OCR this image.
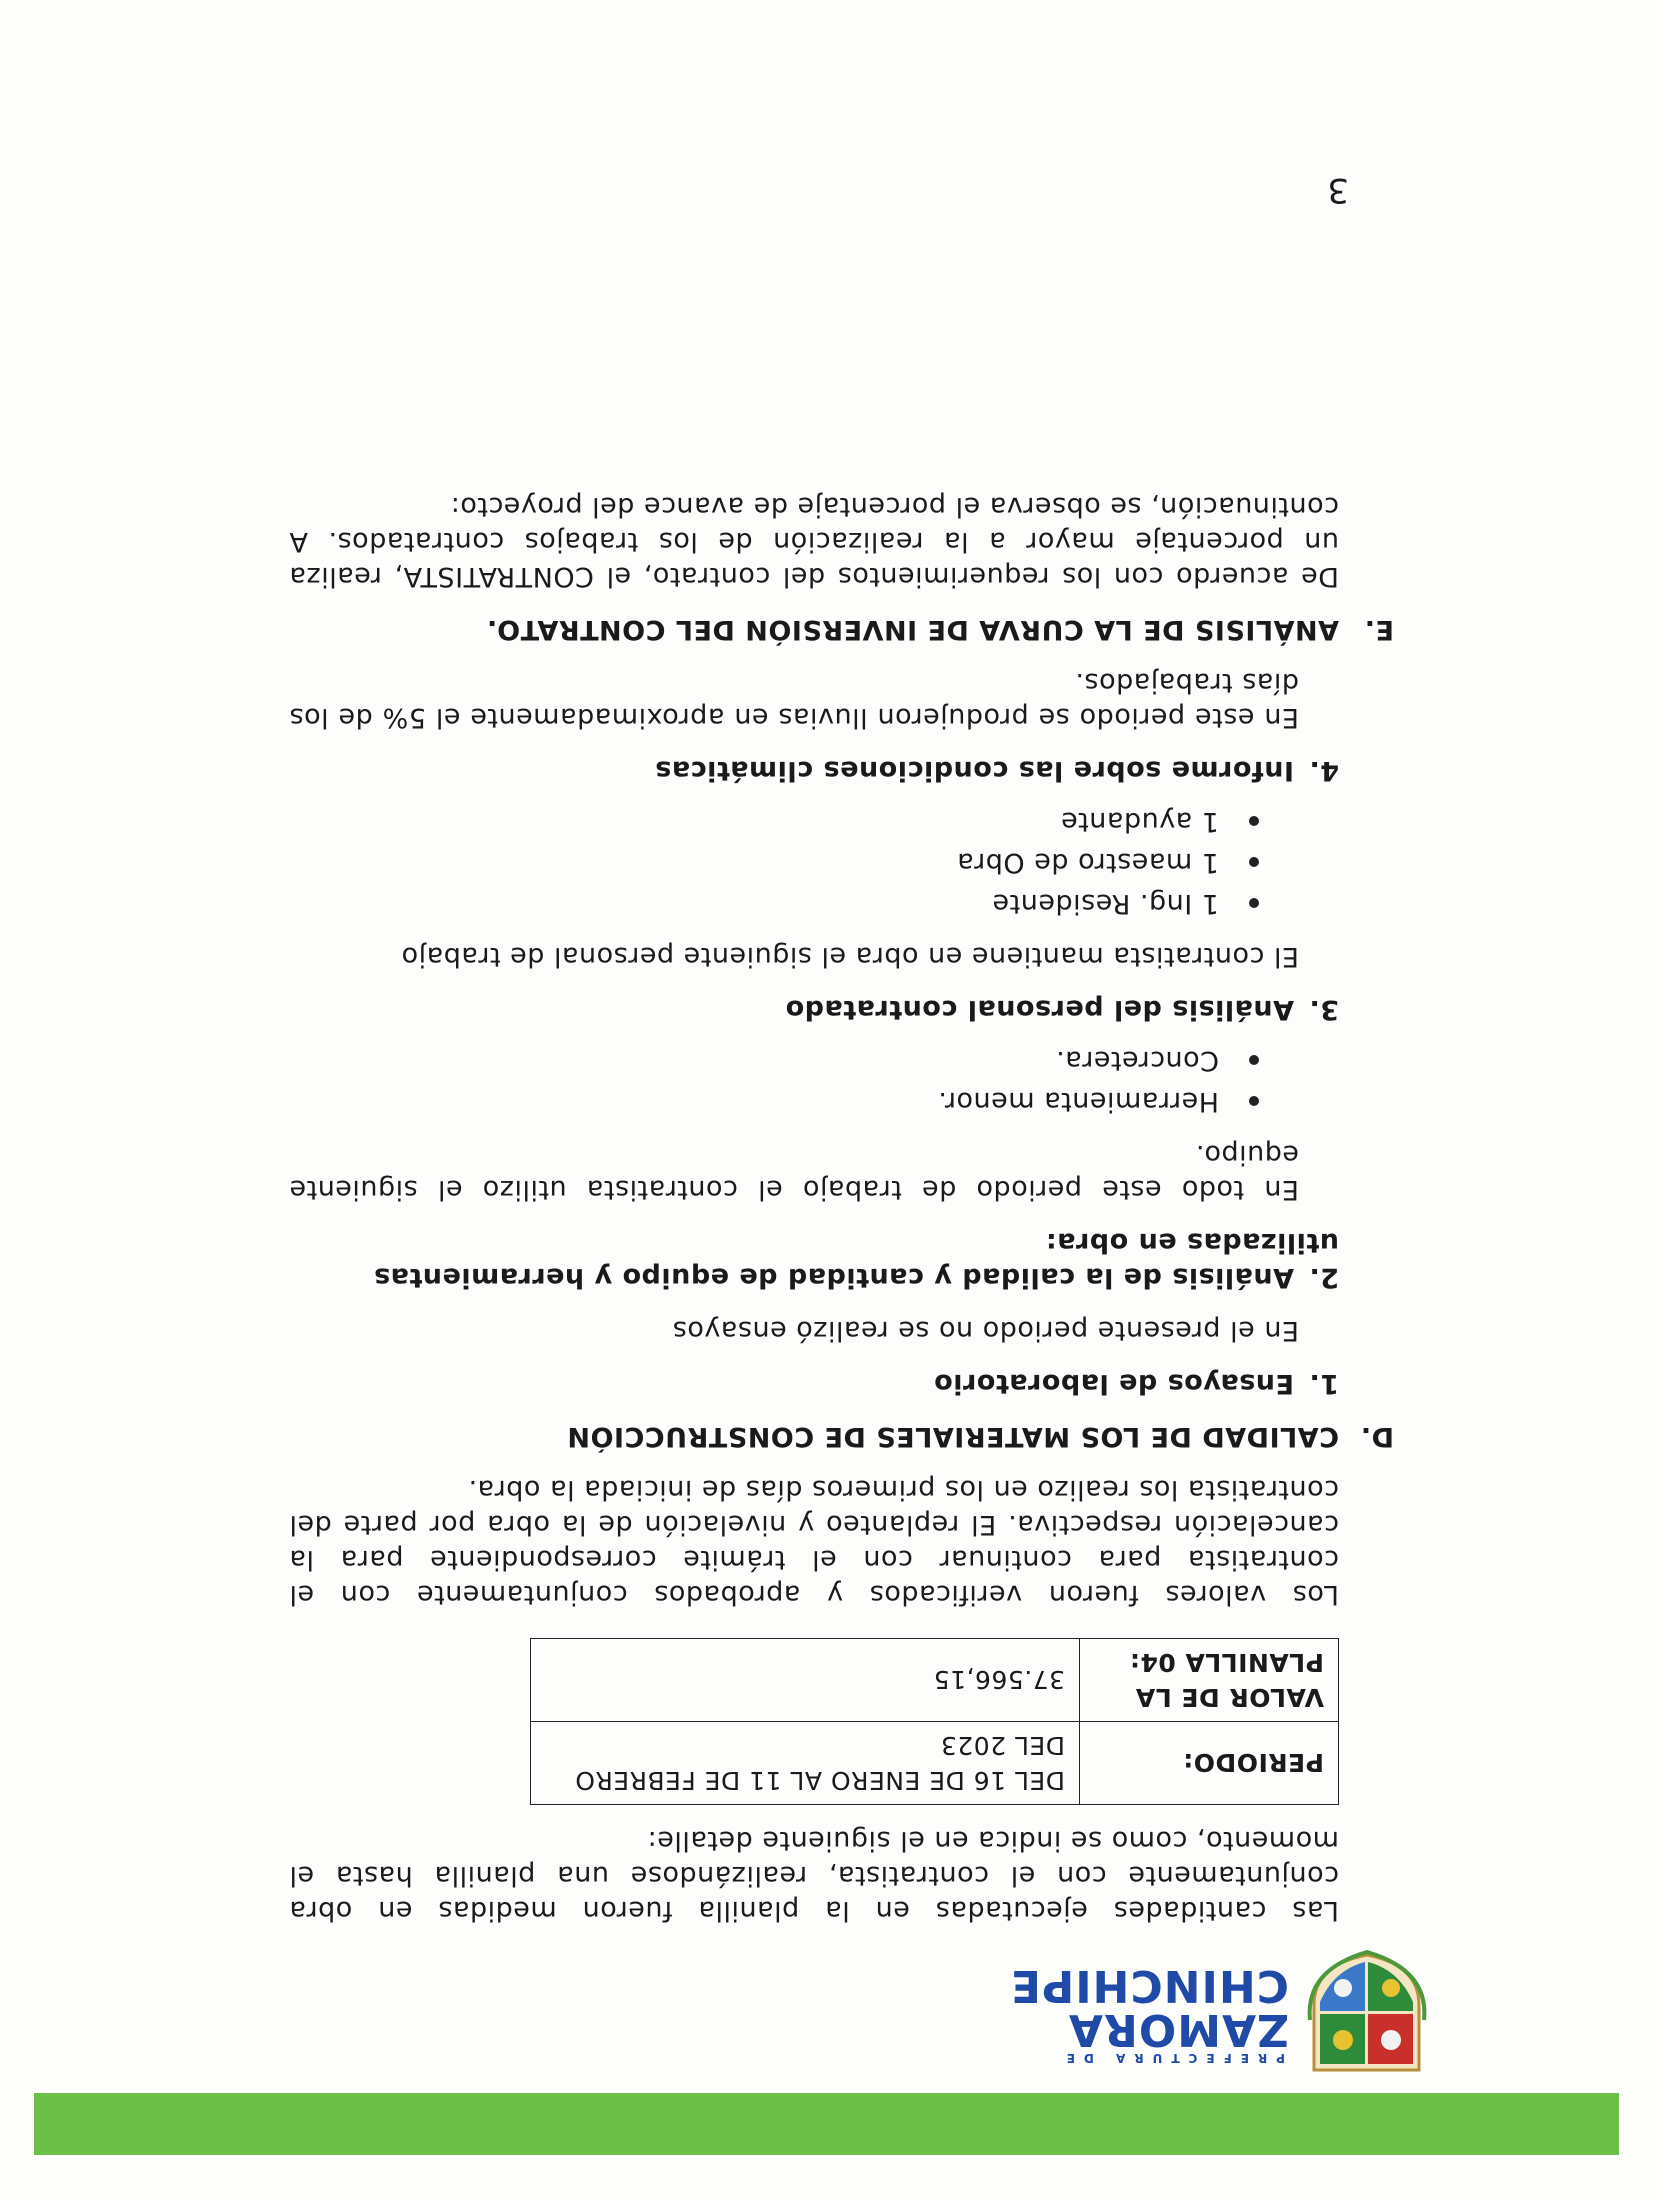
PREFECTURA DE
ZAMORA
CHINCHIPE

Las cantidades ejecutadas en la planilla fueron medidas en obra conjuntamente con el contratista, realizándose una planilla hasta el momento, como se indica en el siguiente detalle:

PERIODO:	DEL 16 DE ENERO AL 11 DE FEBRERO DEL 2023
VALOR DE LA PLANILLA 04:	37.566,15

Los valores fueron verificados y aprobados conjuntamente con el contratista para continuar con el trámite correspondiente para la cancelación respectiva. El replanteo y nivelación de la obra por parte del contratista los realizo en los primeros días de iniciada la obra.

D.CALIDAD DE LOS MATERIALES DE CONSTRUCCIÓN
1.Ensayos de laboratorio

En el presente periodo no se realizó ensayos

2.Análisis de la calidad y cantidad de equipo y herramientas utilizadas en obra:

En todo este periodo de trabajo el contratista utilizo el siguiente equipo.

Herramienta menor.
Concretera.
3.Análisis del personal contratado

El contratista mantiene en obra el siguiente personal de trabajo

1 Ing. Residente
1 maestro de Obra
1 ayudante
4.Informe sobre las condiciones climáticas

En este periodo se produjeron lluvias en aproximadamente el 5% de los días trabajados.

E.ANÁLISIS DE LA CURVA DE INVERSIÓN DEL CONTRATO.

De acuerdo con los requerimientos del contrato, el CONTRATISTA, realiza un porcentaje mayor a la realización de los trabajos contratados. A continuación, se observa el porcentaje de avance del proyecto:

3
